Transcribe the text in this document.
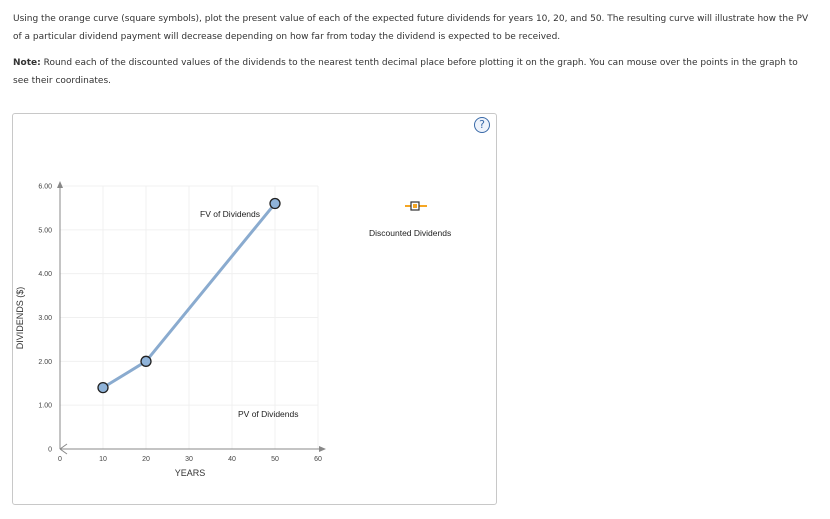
Using the orange curve (square symbols), plot the present value of each of the expected future dividends for years 10, 20, and 50. The resulting curve will illustrate how the PV of a particular dividend payment will decrease depending on how far from today the dividend is expected to be received.

Note: Round each of the discounted values of the dividends to the nearest tenth decimal place before plotting it on the graph. You can mouse over the points in the graph to see their coordinates.

?
0	10	20	30	40	50	60
0
1.00
2.00
3.00
4.00
5.00
6.00
YEARS
DIVIDENDS ($)
FV of Dividends
PV of Dividends
Discounted Dividends
